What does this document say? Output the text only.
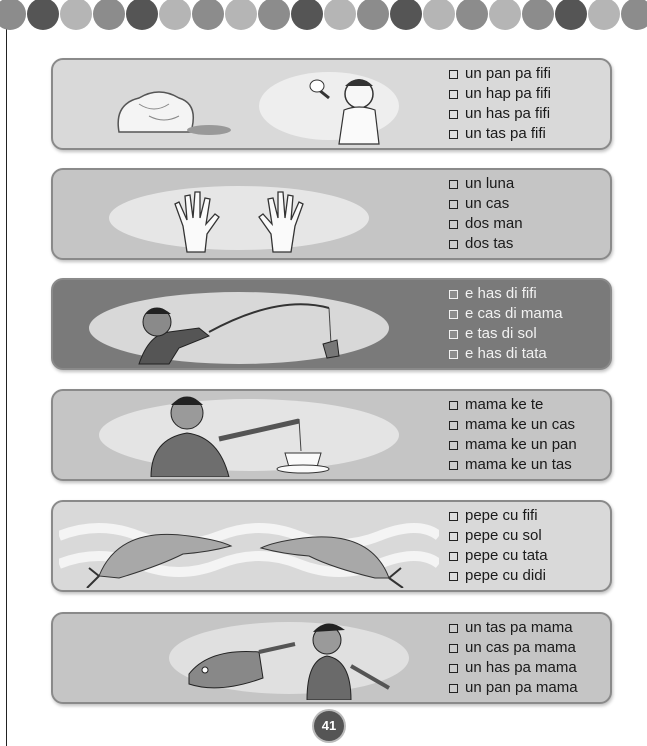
un pan pa fifi
un hap pa fifi
un has pa fifi
un tas pa fifi
un luna
un cas
dos man
dos tas
e has di fifi
e cas di mama
e tas di sol
e has di tata
mama ke te
mama ke un cas
mama ke un pan
mama ke un tas
pepe cu fifi
pepe cu sol
pepe cu tata
pepe cu didi
un tas pa mama
un cas pa mama
un has pa mama
un pan pa mama
41
